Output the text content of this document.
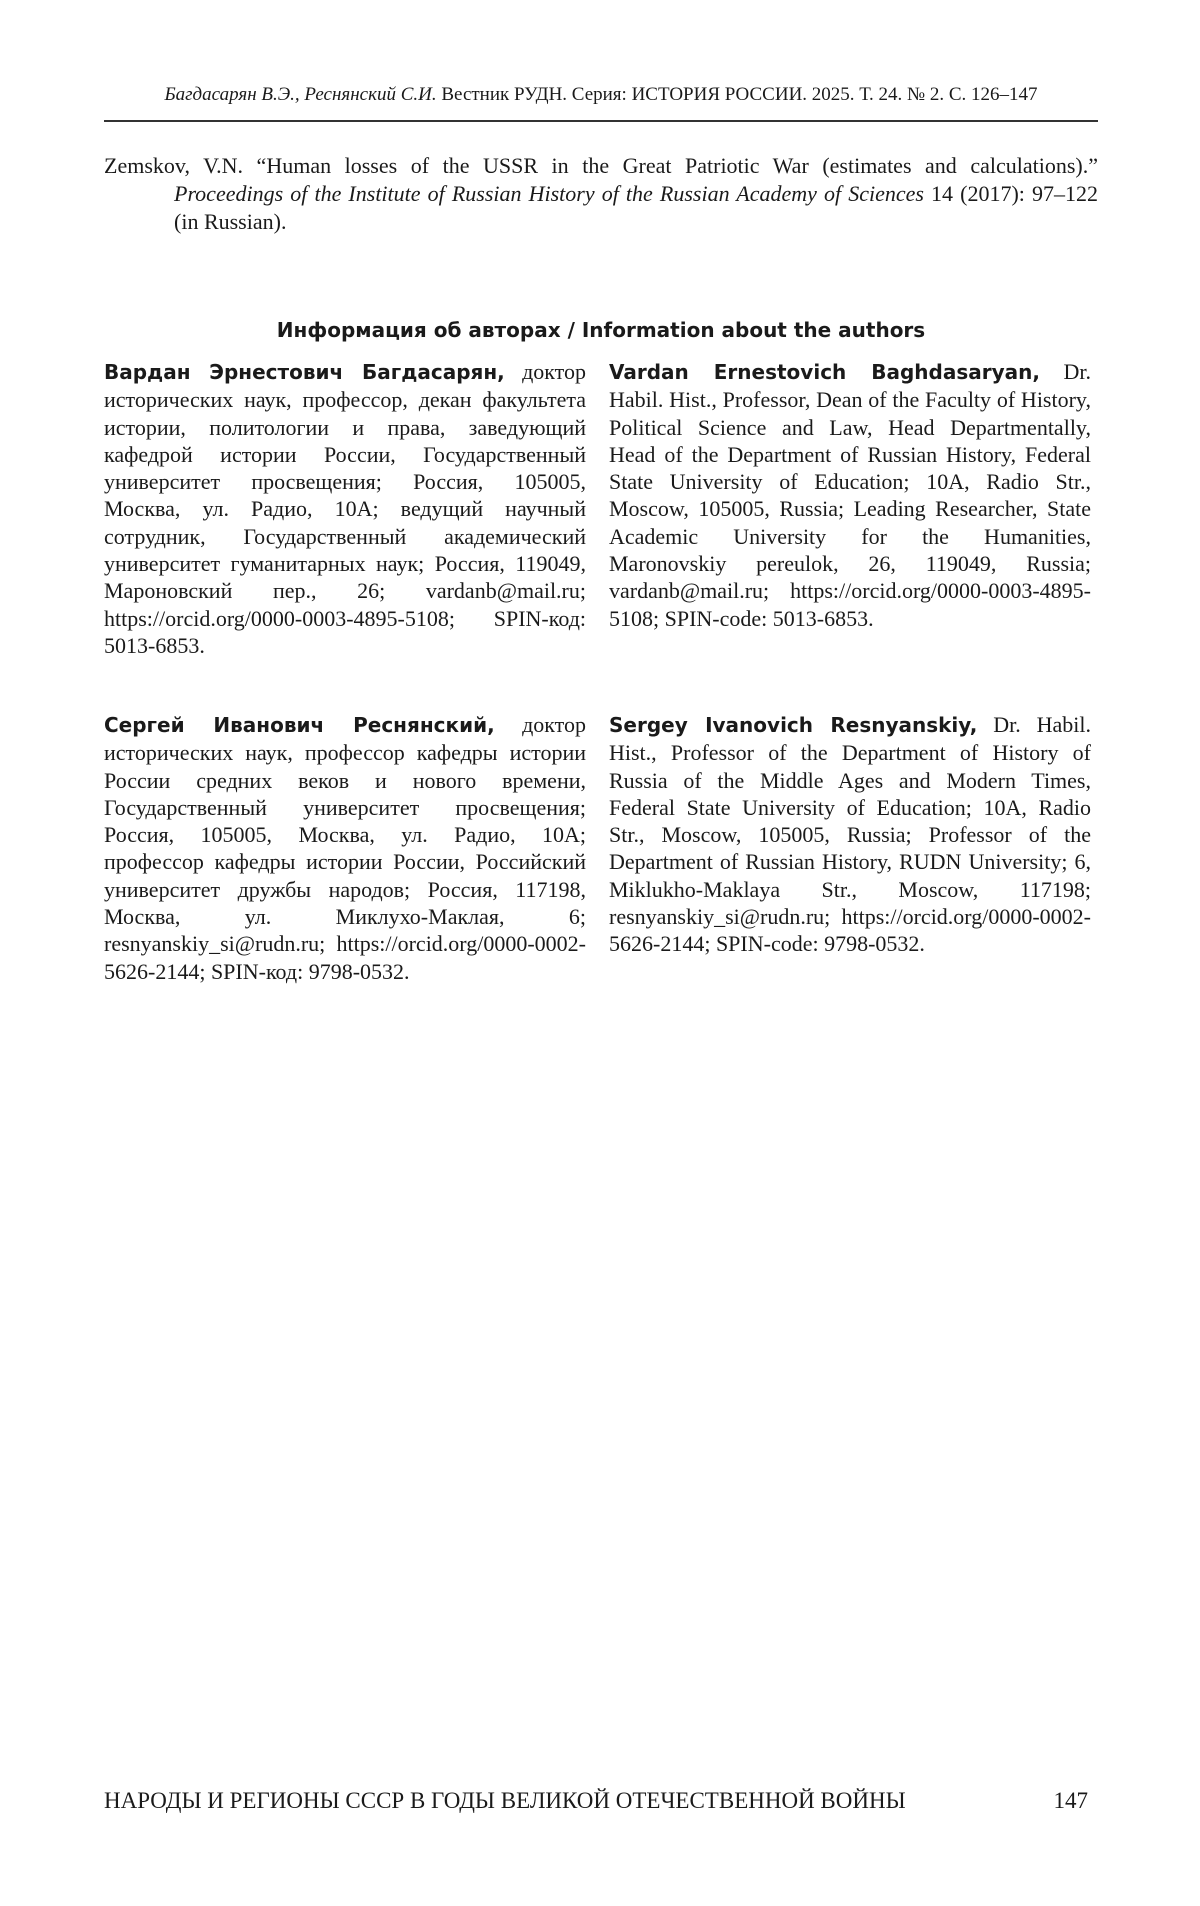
Багдасарян В.Э., Реснянский С.И. Вестник РУДН. Серия: ИСТОРИЯ РОССИИ. 2025. Т. 24. № 2. С. 126–147
Zemskov, V.N. “Human losses of the USSR in the Great Patriotic War (estimates and calculations).” Proceedings of the Institute of Russian History of the Russian Academy of Sciences 14 (2017): 97–122 (in Russian).
Информация об авторах / Information about the authors
Вардан Эрнестович Багдасарян, доктор исторических наук, профессор, декан факультета истории, политологии и права, заведующий кафедрой истории России, Государственный университет просвещения; Россия, 105005, Москва, ул. Радио, 10А; ведущий научный сотрудник, Государственный академический университет гуманитарных наук; Россия, 119049, Мароновский пер., 26; vardanb@mail.ru; https://orcid.org/0000-0003-4895-5108; SPIN-код: 5013-6853.
Vardan Ernestovich Baghdasaryan, Dr. Habil. Hist., Professor, Dean of the Faculty of History, Political Science and Law, Head Departmentally, Head of the Department of Russian History, Federal State University of Education; 10A, Radio Str., Moscow, 105005, Russia; Leading Researcher, State Academic University for the Humanities, Maronovskiy pereulok, 26, 119049, Russia; vardanb@mail.ru; https://orcid.org/0000-0003-4895-5108; SPIN-code: 5013-6853.
Сергей Иванович Реснянский, доктор исторических наук, профессор кафедры истории России средних веков и нового времени, Государственный университет просвещения; Россия, 105005, Москва, ул. Радио, 10А; профессор кафедры истории России, Российский университет дружбы народов; Россия, 117198, Москва, ул. Миклухо-Маклая, 6; resnyanskiy_si@rudn.ru; https://orcid.org/0000-0002-5626-2144; SPIN-код: 9798-0532.
Sergey Ivanovich Resnyanskiy, Dr. Habil. Hist., Professor of the Department of History of Russia of the Middle Ages and Modern Times, Federal State University of Education; 10A, Radio Str., Moscow, 105005, Russia; Professor of the Department of Russian History, RUDN University; 6, Miklukho-Maklaya Str., Moscow, 117198; resnyanskiy_si@rudn.ru; https://orcid.org/0000-0002-5626-2144; SPIN-code: 9798-0532.
НАРОДЫ И РЕГИОНЫ СССР В ГОДЫ ВЕЛИКОЙ ОТЕЧЕСТВЕННОЙ ВОЙНЫ	147
